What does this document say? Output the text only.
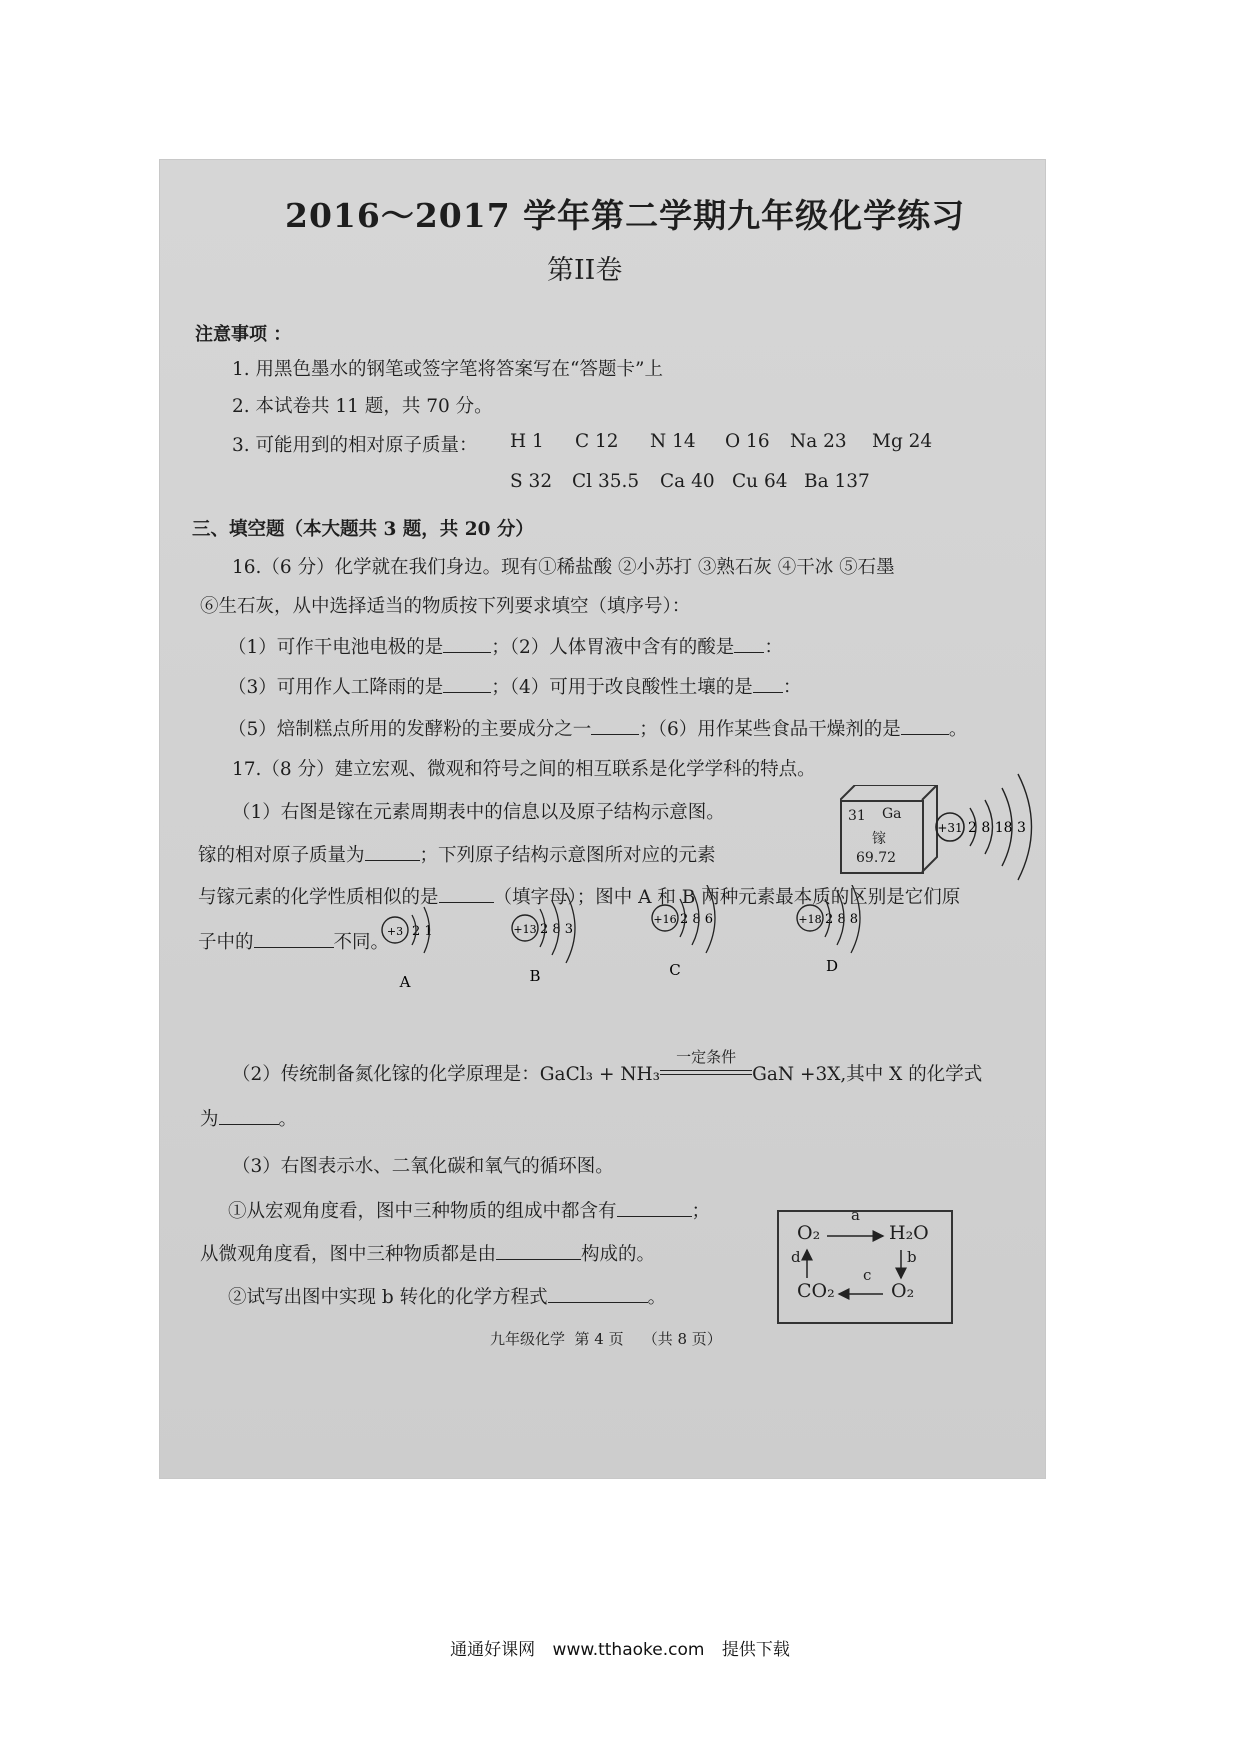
2016～2017 学年第二学期九年级化学练习
第II卷
注意事项 ：
1. 用黑色墨水的钢笔或签字笔将答案写在“答题卡”上
2. 本试卷共 11 题，共 70 分。
3. 可能用到的相对原子质量： H 1 C 12 N 14 O 16 Na 23 Mg 24
S 32 Cl 35.5 Ca 40 Cu 64 Ba 137
三、填空题（本大题共 3 题，共 20 分）
16.（6 分）化学就在我们身边。现有①稀盐酸 ②小苏打 ③熟石灰 ④干冰 ⑤石墨
⑥生石灰，从中选择适当的物质按下列要求填空（填序号）：
（1）可作干电池电极的是	；（2）人体胃液中含有的酸是 ：
（3）可用作人工降雨的是	；（4）可用于改良酸性土壤的是 ：
（5）焙制糕点所用的发酵粉的主要成分之一	；（6）用作某些食品干燥剂的是	。
17.（8 分）建立宏观、微观和符号之间的相互联系是化学学科的特点。
（1）右图是镓在元素周期表中的信息以及原子结构示意图。	31 Ga
镓
69.72
+31 2 8 18 3
镓的相对原子质量为	；下列原子结构示意图所对应的元素
与镓元素的化学性质相似的是	（填字母）；图中 A 和 B 两种元素最本质的区别是它们原
子中的	不同。
+3 2 1
A
+13 2 8 3
B
+16 2 8 6
C
+18 2 8 8
D
（2）传统制备氮化镓的化学原理是：GaCl₃ + NH₃
一定条件
GaN +3X,其中 X 的化学式
为	。
（3）右图表示水、二氧化碳和氧气的循环图。
O₂	H₂O
CO₂	O₂
a
b
c
d
①从宏观角度看，图中三种物质的组成中都含有	；
从微观角度看，图中三种物质都是由	构成的。
②试写出图中实现 b 转化的化学方程式	。
九年级化学  第 4 页    （共 8 页）
通通好课网 www.tthaoke.com 提供下载
